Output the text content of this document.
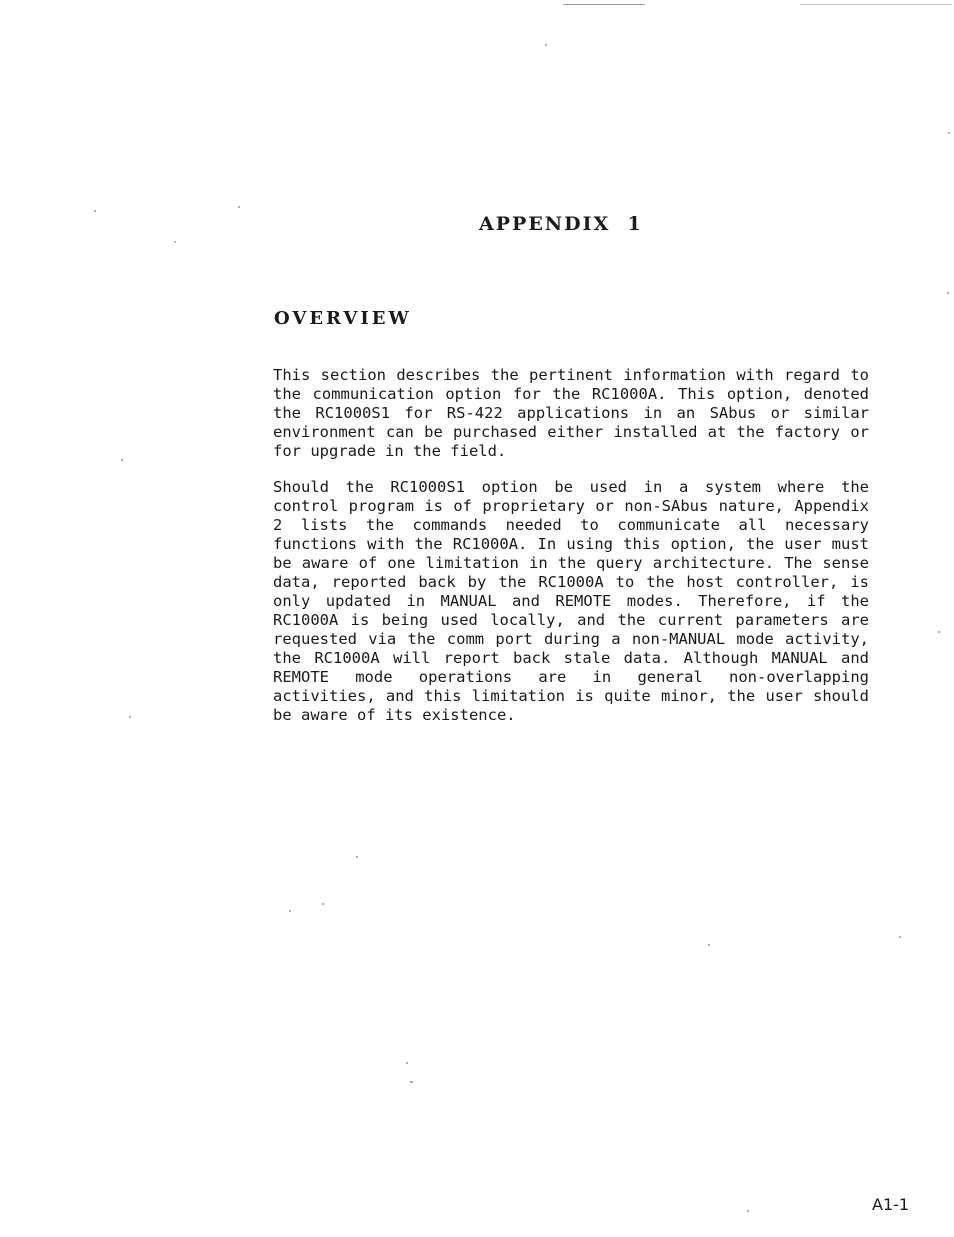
APPENDIX  1
OVERVIEW

This section describes the pertinent information with regard to the communication option for the RC1000A. This option, denoted the RC1000S1 for RS-422 applications in an SAbus or similar environment can be purchased either installed at the factory or for upgrade in the field.

Should the RC1000S1 option be used in a system where the control program is of proprietary or non-SAbus nature, Appendix 2 lists the commands needed to communicate all necessary functions with the RC1000A. In using this option, the user must be aware of one limitation in the query architecture. The sense data, reported back by the RC1000A to the host controller, is only updated in MANUAL and REMOTE modes. Therefore, if the RC1000A is being used locally, and the current parameters are requested via the comm port during a non-MANUAL mode activity, the RC1000A will report back stale data. Although MANUAL and REMOTE mode operations are in general non-overlapping activities, and this limitation is quite minor, the user should be aware of its existence.

A1-1
